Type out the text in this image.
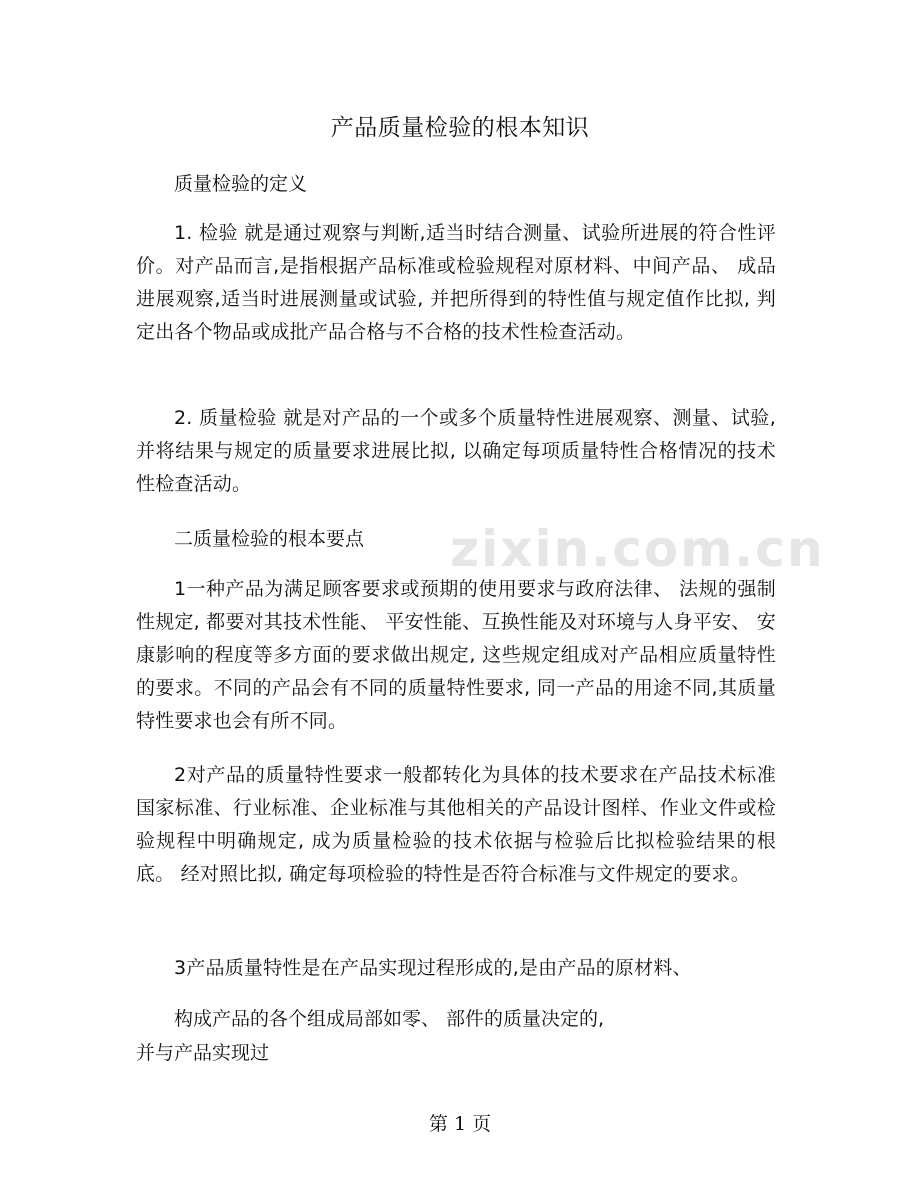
zixin.com.cn
产品质量检验的根本知识
质量检验的定义

1. 检验 就是通过观察与判断,适当时结合测量、试验所进展的符合性评价。对产品而言,是指根据产品标准或检验规程对原材料、中间产品、 成品进展观察,适当时进展测量或试验, 并把所得到的特性值与规定值作比拟, 判定出各个物品或成批产品合格与不合格的技术性检查活动。

2. 质量检验 就是对产品的一个或多个质量特性进展观察、测量、试验, 并将结果与规定的质量要求进展比拟, 以确定每项质量特性合格情况的技术性检查活动。

二质量检验的根本要点

1一种产品为满足顾客要求或预期的使用要求与政府法律、 法规的强制性规定, 都要对其技术性能、 平安性能、互换性能及对环境与人身平安、 安康影响的程度等多方面的要求做出规定, 这些规定组成对产品相应质量特性的要求。不同的产品会有不同的质量特性要求, 同一产品的用途不同,其质量特性要求也会有所不同。

2对产品的质量特性要求一般都转化为具体的技术要求在产品技术标准国家标准、行业标准、企业标准与其他相关的产品设计图样、作业文件或检验规程中明确规定, 成为质量检验的技术依据与检验后比拟检验结果的根底。 经对照比拟, 确定每项检验的特性是否符合标准与文件规定的要求。

3产品质量特性是在产品实现过程形成的,是由产品的原材料、

构成产品的各个组成局部如零、 部件的质量决定的,
并与产品实现过
第 1 页
